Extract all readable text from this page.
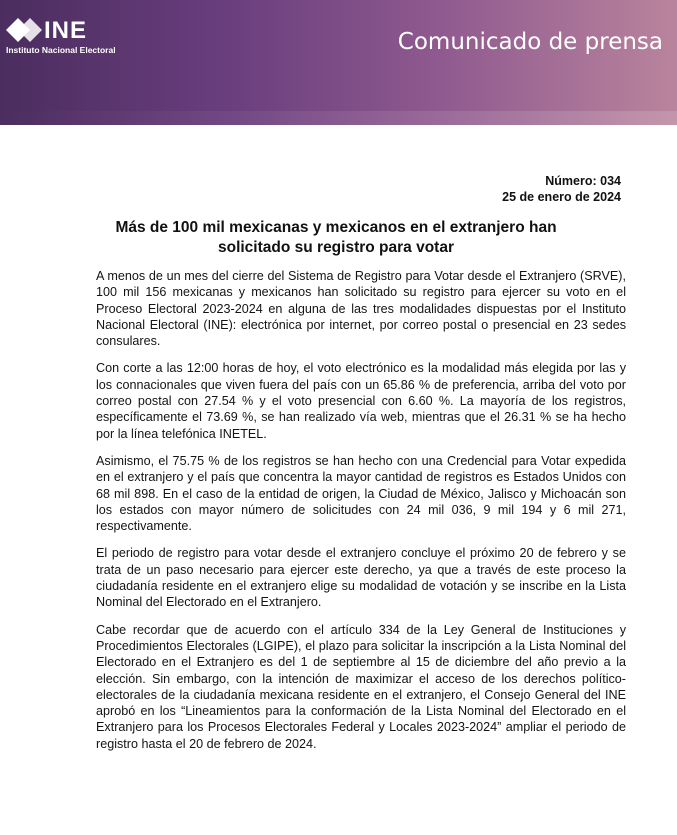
INE
Instituto Nacional Electoral	Comunicado de prensa
Número: 034
25 de enero de 2024
Más de 100 mil mexicanas y mexicanos en el extranjero han solicitado su registro para votar

A menos de un mes del cierre del Sistema de Registro para Votar desde el Extranjero (SRVE), 100 mil 156 mexicanas y mexicanos han solicitado su registro para ejercer su voto en el Proceso Electoral 2023-2024 en alguna de las tres modalidades dispuestas por el Instituto Nacional Electoral (INE): electrónica por internet, por correo postal o presencial en 23 sedes consulares.

Con corte a las 12:00 horas de hoy, el voto electrónico es la modalidad más elegida por las y los connacionales que viven fuera del país con un 65.86 % de preferencia, arriba del voto por correo postal con 27.54 % y el voto presencial con 6.60 %. La mayoría de los registros, específicamente el 73.69 %, se han realizado vía web, mientras que el 26.31 % se ha hecho por la línea telefónica INETEL.

Asimismo, el 75.75 % de los registros se han hecho con una Credencial para Votar expedida en el extranjero y el país que concentra la mayor cantidad de registros es Estados Unidos con 68 mil 898. En el caso de la entidad de origen, la Ciudad de México, Jalisco y Michoacán son los estados con mayor número de solicitudes con 24 mil 036, 9 mil 194 y 6 mil 271, respectivamente.

El periodo de registro para votar desde el extranjero concluye el próximo 20 de febrero y se trata de un paso necesario para ejercer este derecho, ya que a través de este proceso la ciudadanía residente en el extranjero elige su modalidad de votación y se inscribe en la Lista Nominal del Electorado en el Extranjero.

Cabe recordar que de acuerdo con el artículo 334 de la Ley General de Instituciones y Procedimientos Electorales (LGIPE), el plazo para solicitar la inscripción a la Lista Nominal del Electorado en el Extranjero es del 1 de septiembre al 15 de diciembre del año previo a la elección. Sin embargo, con la intención de maximizar el acceso de los derechos político-electorales de la ciudadanía mexicana residente en el extranjero, el Consejo General del INE aprobó en los “Lineamientos para la conformación de la Lista Nominal del Electorado en el Extranjero para los Procesos Electorales Federal y Locales 2023-2024” ampliar el periodo de registro hasta el 20 de febrero de 2024.
